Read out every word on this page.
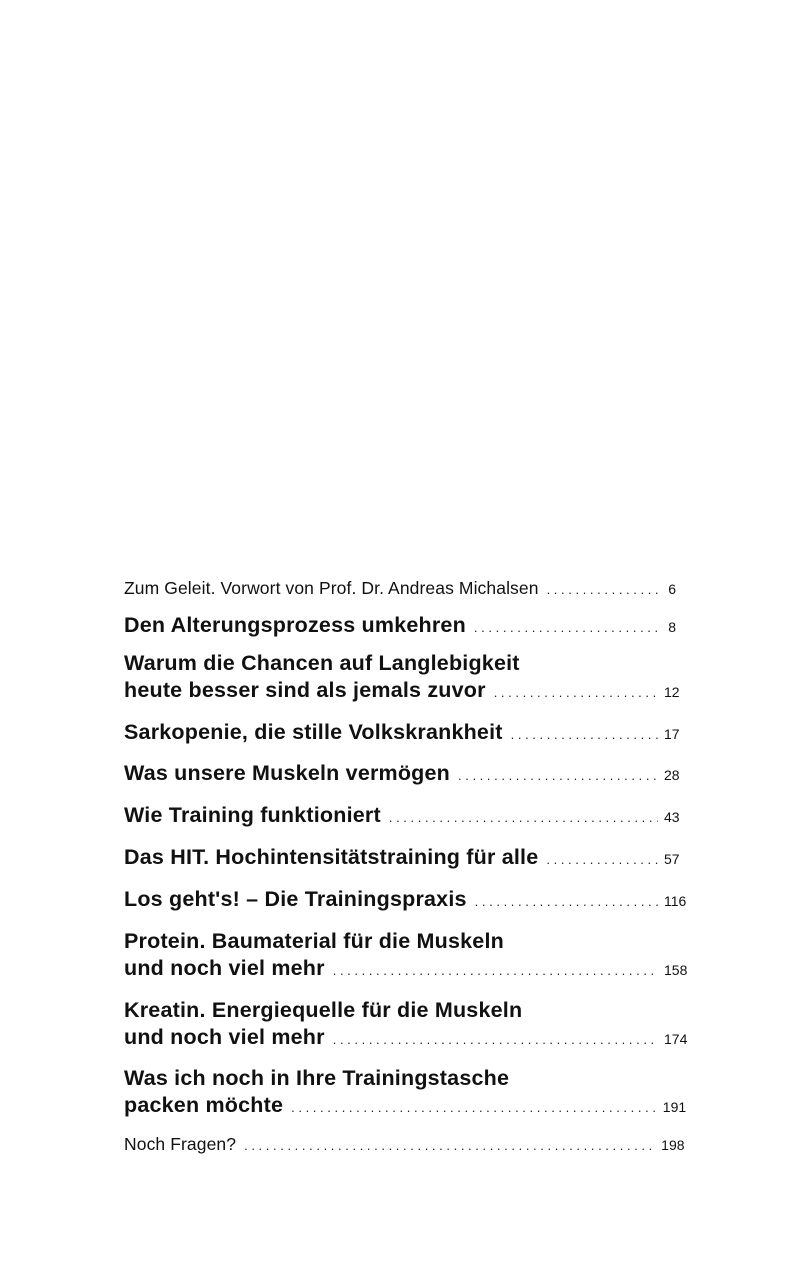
Zum Geleit. Vorwort von Prof. Dr. Andreas Michalsen . . .	6
Den Alterungsprozess umkehren . . .	8
Warum die Chancen auf Langlebigkeit
heute besser sind als jemals zuvor . . .	12
Sarkopenie, die stille Volkskrankheit . . .	17
Was unsere Muskeln vermögen . . .	28
Wie Training funktioniert . . .	43
Das HIT. Hochintensitätstraining für alle . . .	57
Los geht's! – Die Trainingspraxis . . .	116
Protein. Baumaterial für die Muskeln
und noch viel mehr . . .	158
Kreatin. Energiequelle für die Muskeln
und noch viel mehr . . .	174
Was ich noch in Ihre Trainingstasche
packen möchte . . .	191
Noch Fragen? . . .	198
